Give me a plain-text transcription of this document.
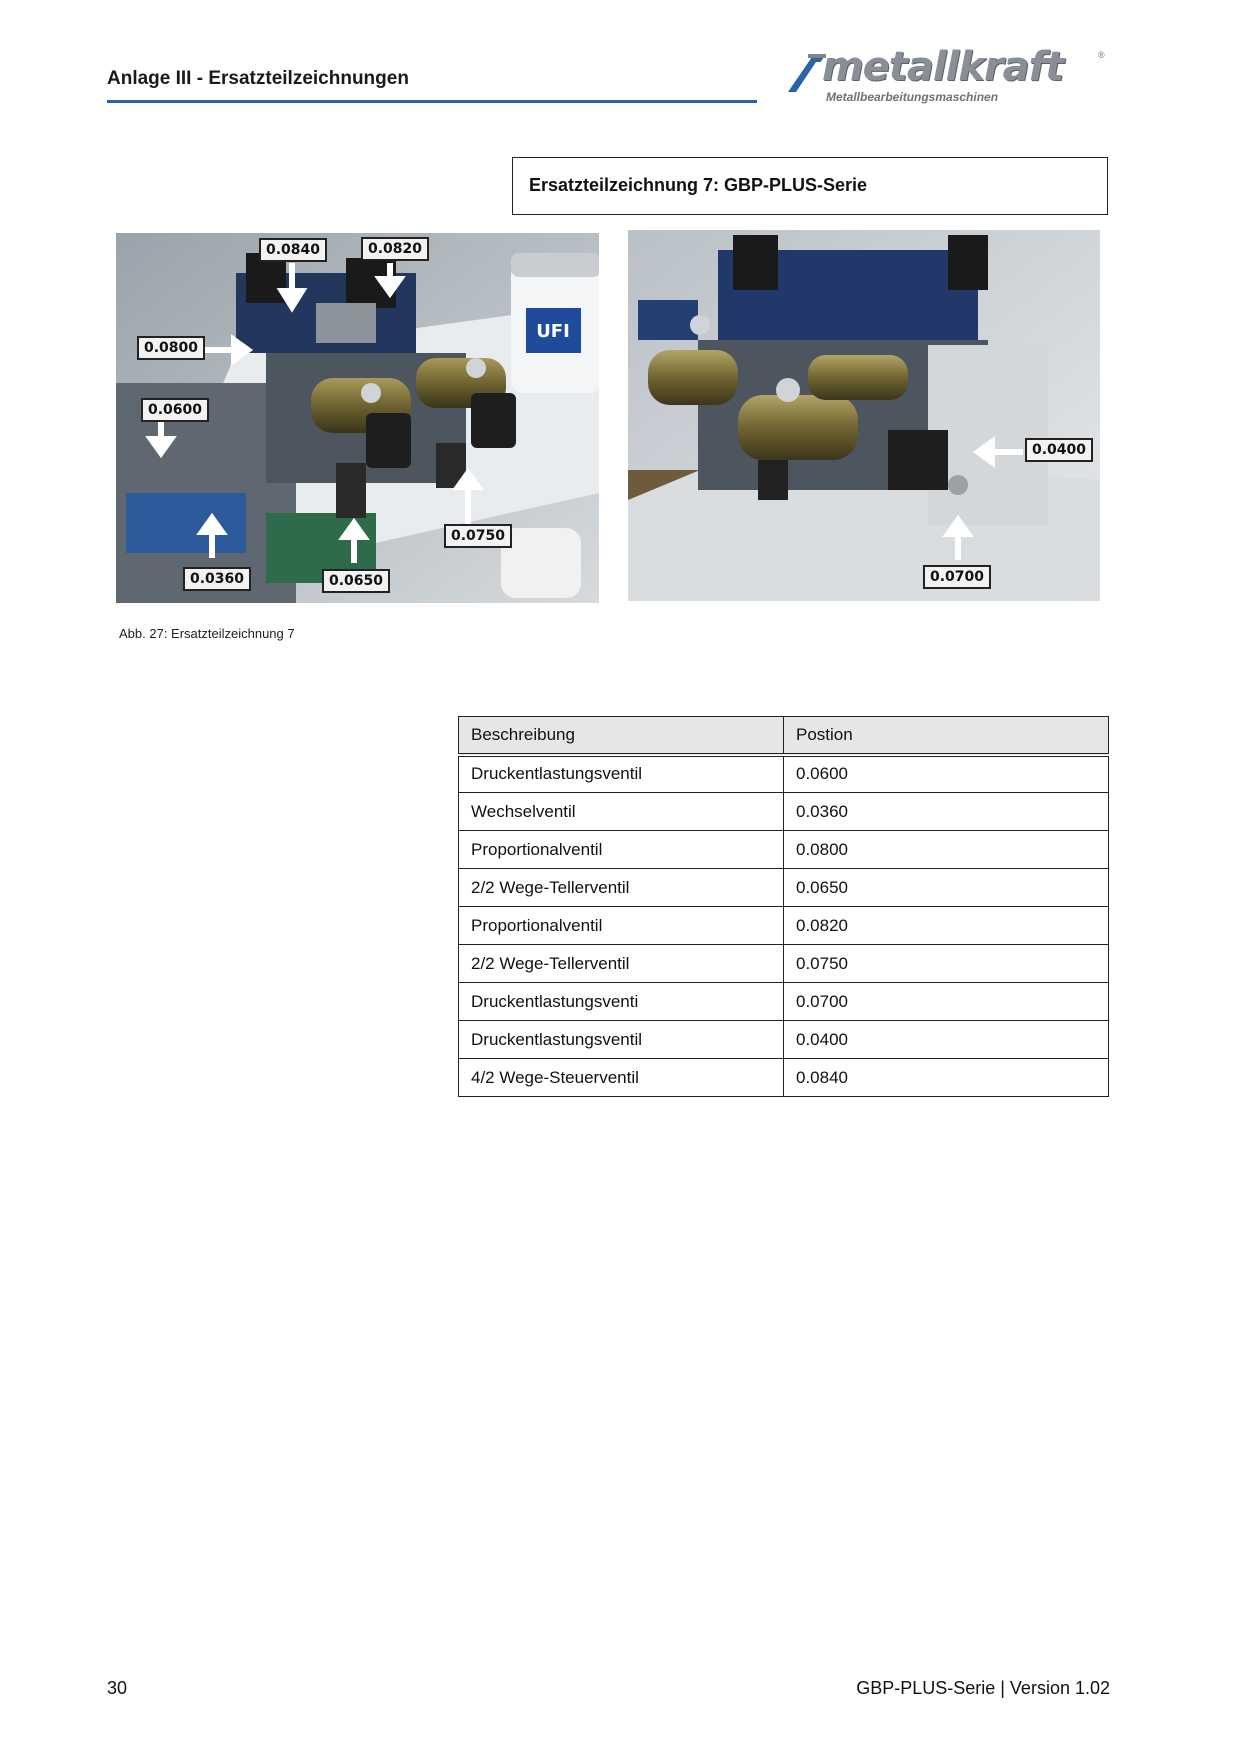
Anlage III - Ersatzteilzeichnungen	metallkraft	®
Metallbearbeitungsmaschinen
Ersatzteilzeichnung 7: GBP-PLUS-Serie
UFI
0.0840	0.0820
0.0800
0.0600
0.0750
0.0360	0.0650
0.0400
0.0700
Abb. 27: Ersatzteilzeichnung 7
Beschreibung	Postion
Druckentlastungsventil	0.0600
Wechselventil	0.0360
Proportionalventil	0.0800
2/2 Wege-Tellerventil	0.0650
Proportionalventil	0.0820
2/2 Wege-Tellerventil	0.0750
Druckentlastungsventi	0.0700
Druckentlastungsventil	0.0400
4/2 Wege-Steuerventil	0.0840
30	GBP-PLUS-Serie | Version 1.02
